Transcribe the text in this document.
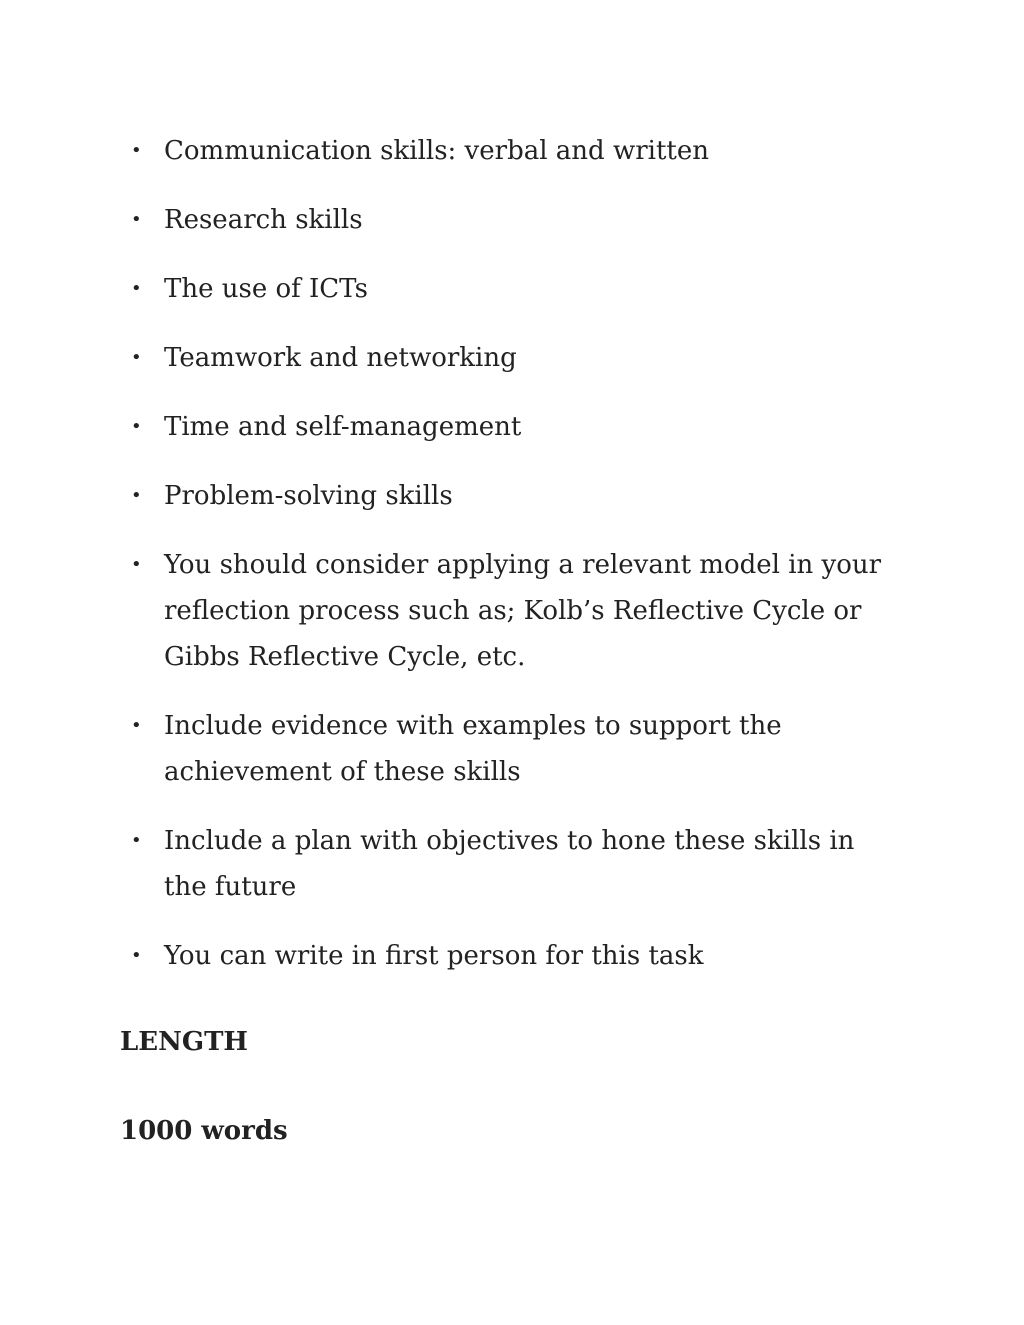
• Communication skills: verbal and written
• Research skills
• The use of ICTs
• Teamwork and networking
• Time and self-management
• Problem-solving skills
• You should consider applying a relevant model in your reflection process such as; Kolb’s Reflective Cycle or Gibbs Reflective Cycle, etc.
• Include evidence with examples to support the achievement of these skills
• Include a plan with objectives to hone these skills in the future
• You can write in first person for this task

LENGTH

1000 words
